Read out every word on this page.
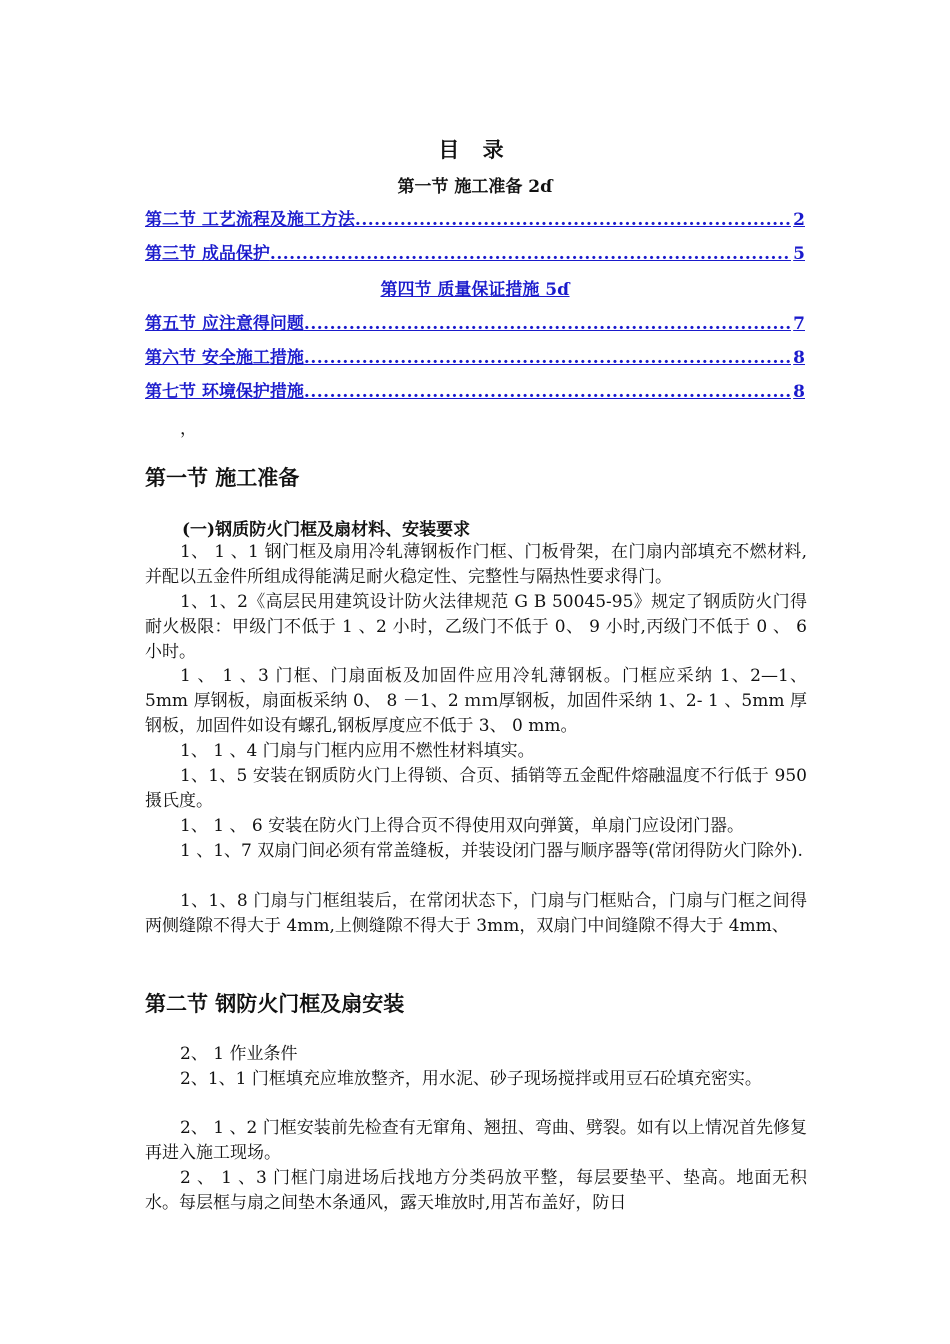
目 录
第一节 施工准备 2ɗ
第二节 工艺流程及施工方法 .....	2
第三节 成品保护 .....	5
第四节 质量保证措施 5ɗ
第五节 应注意得问题 .....	7
第六节 安全施工措施 .....	8
第七节 环境保护措施 .....	8
，
第一节 施工准备
(一)钢质防火门框及扇材料、安装要求
1、 1 、1 钢门框及扇用冷轧薄钢板作门框、门板骨架，在门扇内部填充不燃材料,并配以五金件所组成得能满足耐火稳定性、完整性与隔热性要求得门。
1、1、2《高层民用建筑设计防火法律规范 G B 50045-95》规定了钢质防火门得耐火极限：甲级门不低于 1 、2 小时，乙级门不低于 0、 9 小时,丙级门不低于 0 、 6 小时。
1 、 1 、3 门框、门扇面板及加固件应用冷轧薄钢板。门框应采纳 1、2—1、5mm 厚钢板，扇面板采纳 0、 8 －1、2 ｍｍ厚钢板，加固件采纳 1、2- 1 、5mm 厚钢板，加固件如设有螺孔,钢板厚度应不低于 3、 0 mm。
1、 1 、4 门扇与门框内应用不燃性材料填实。
1、1、5 安装在钢质防火门上得锁、合页、插销等五金配件熔融温度不行低于 950 摄氏度。
1、 1 、 6 安装在防火门上得合页不得使用双向弹簧，单扇门应设闭门器。
1 、1、7 双扇门间必须有常盖缝板，并装设闭门器与顺序器等(常闭得防火门除外).
1、1、8 门扇与门框组装后，在常闭状态下，门扇与门框贴合，门扇与门框之间得两侧缝隙不得大于 4mm,上侧缝隙不得大于 3mm，双扇门中间缝隙不得大于 4mm、
第二节 钢防火门框及扇安装
2、 1 作业条件
2、1、1 门框填充应堆放整齐，用水泥、砂子现场搅拌或用豆石砼填充密实。
2、 1 、2 门框安装前先检查有无窜角、翘扭、弯曲、劈裂。如有以上情况首先修复再进入施工现场。
2 、 1 、3 门框门扇进场后找地方分类码放平整，每层要垫平、垫高。地面无积水。每层框与扇之间垫木条通风，露天堆放时,用苫布盖好，防日
